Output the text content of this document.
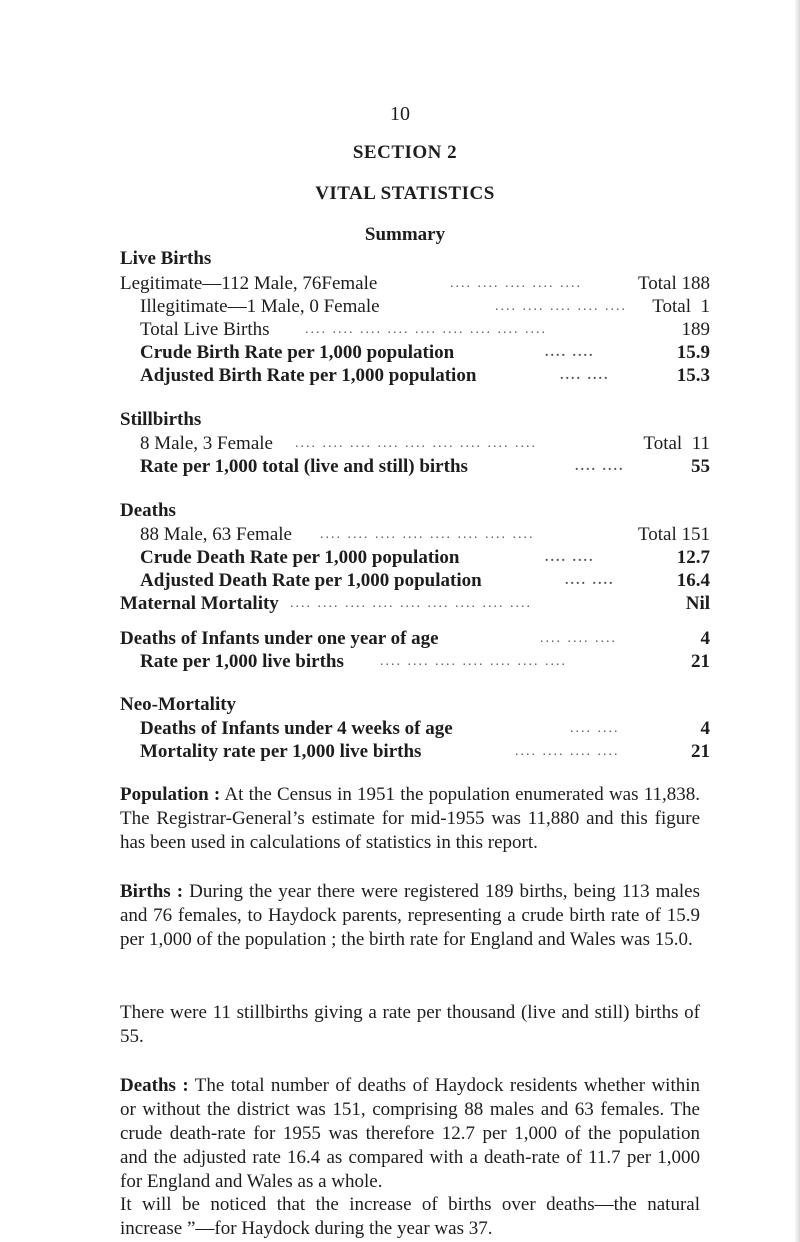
10
SECTION 2
VITAL STATISTICS
Summary
Live Births
Legitimate—112 Male, 76Female	.... .... .... .... ....	Total 188
Illegitimate—1 Male, 0 Female	.... .... .... .... .... Total  1
Total Live Births	.... .... .... .... .... .... .... .... ....	189
Crude Birth Rate per 1,000 population	.... ....	15.9
Adjusted Birth Rate per 1,000 population	.... ....	15.3
Stillbirths
8 Male, 3 Female .... .... .... .... .... .... .... .... ....	Total  11
Rate per 1,000 total (live and still) births	.... ....	55
Deaths
88 Male, 63 Female .... .... .... .... .... .... .... ....	Total 151
Crude Death Rate per 1,000 population	.... ....	12.7
Adjusted Death Rate per 1,000 population	.... ....	16.4
Maternal Mortality .... .... .... .... .... .... .... .... ....	Nil
Deaths of Infants under one year of age	.... .... ....	4
Rate per 1,000 live births	.... .... .... .... .... .... ....	21
Neo-Mortality
Deaths of Infants under 4 weeks of age	.... ....	4
Mortality rate per 1,000 live births	.... .... .... ....	21
Population : At the Census in 1951 the population enumerated was 11,838. The Registrar-General’s estimate for mid-1955 was 11,880 and this figure has been used in calculations of statistics in this report.
Births : During the year there were registered 189 births, being 113 males and 76 females, to Haydock parents, representing a crude birth rate of 15.9 per 1,000 of the population ; the birth rate for England and Wales was 15.0.
There were 11 stillbirths giving a rate per thousand (live and still) births of 55.
Deaths : The total number of deaths of Haydock residents whether within or without the district was 151, comprising 88 males and 63 females. The crude death-rate for 1955 was therefore 12.7 per 1,000 of the population and the adjusted rate 16.4 as compared with a death-rate of 11.7 per 1,000 for England and Wales as a whole.
It will be noticed that the increase of births over deaths—the natural increase ”—for Haydock during the year was 37.
